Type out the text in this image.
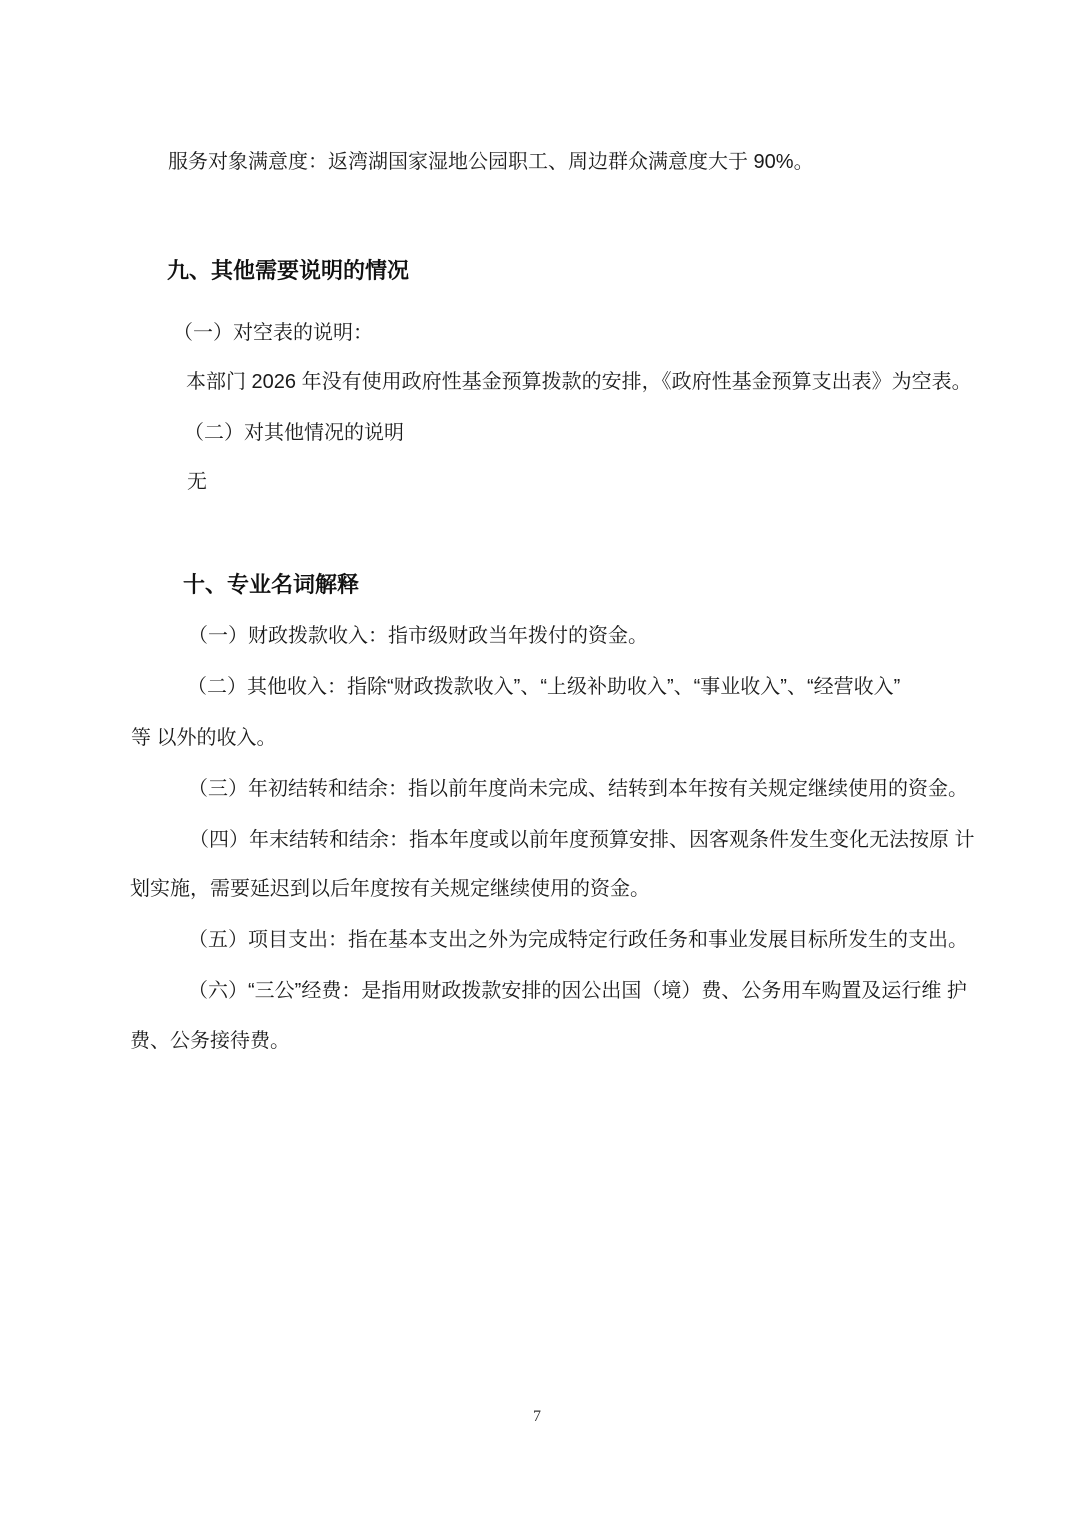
服务对象满意度：返湾湖国家湿地公园职工、周边群众满意度大于 90%。
九、其他需要说明的情况
（一）对空表的说明：
本部门 2026 年没有使用政府性基金预算拨款的安排，《政府性基金预算支出表》为空表。
（二）对其他情况的说明
无
十、专业名词解释
（一）财政拨款收入：指市级财政当年拨付的资金。
（二）其他收入：指除“财政拨款收入”、“上级补助收入”、“事业收入”、“经营收入”
等 以外的收入。
（三）年初结转和结余：指以前年度尚未完成、结转到本年按有关规定继续使用的资金。
（四）年末结转和结余：指本年度或以前年度预算安排、因客观条件发生变化无法按原 计
划实施，需要延迟到以后年度按有关规定继续使用的资金。
（五）项目支出：指在基本支出之外为完成特定行政任务和事业发展目标所发生的支出。
（六）“三公”经费：是指用财政拨款安排的因公出国（境）费、公务用车购置及运行维 护
费、公务接待费。
7
